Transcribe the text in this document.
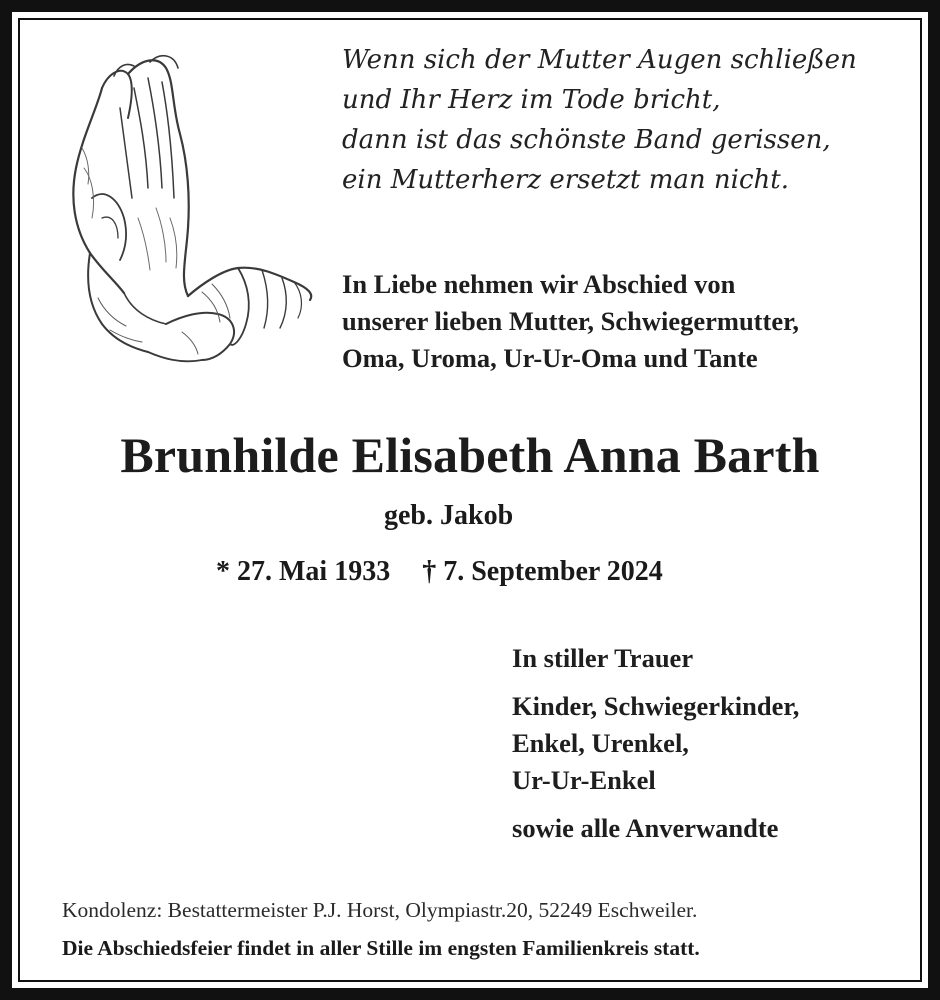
Wenn sich der Mutter Augen schließen
und Ihr Herz im Tode bricht,
dann ist das schönste Band gerissen,
ein Mutterherz ersetzt man nicht.
In Liebe nehmen wir Abschied von
unserer lieben Mutter, Schwiegermutter,
Oma, Uroma, Ur-Ur-Oma und Tante
Brunhilde Elisabeth Anna Barth
geb. Jakob
* 27. Mai 1933 † 7. September 2024
In stiller Trauer
Kinder, Schwiegerkinder,
Enkel, Urenkel,
Ur-Ur-Enkel
sowie alle Anverwandte
Kondolenz: Bestattermeister P.J. Horst, Olympiastr.20, 52249 Eschweiler.
Die Abschiedsfeier findet in aller Stille im engsten Familienkreis statt.
